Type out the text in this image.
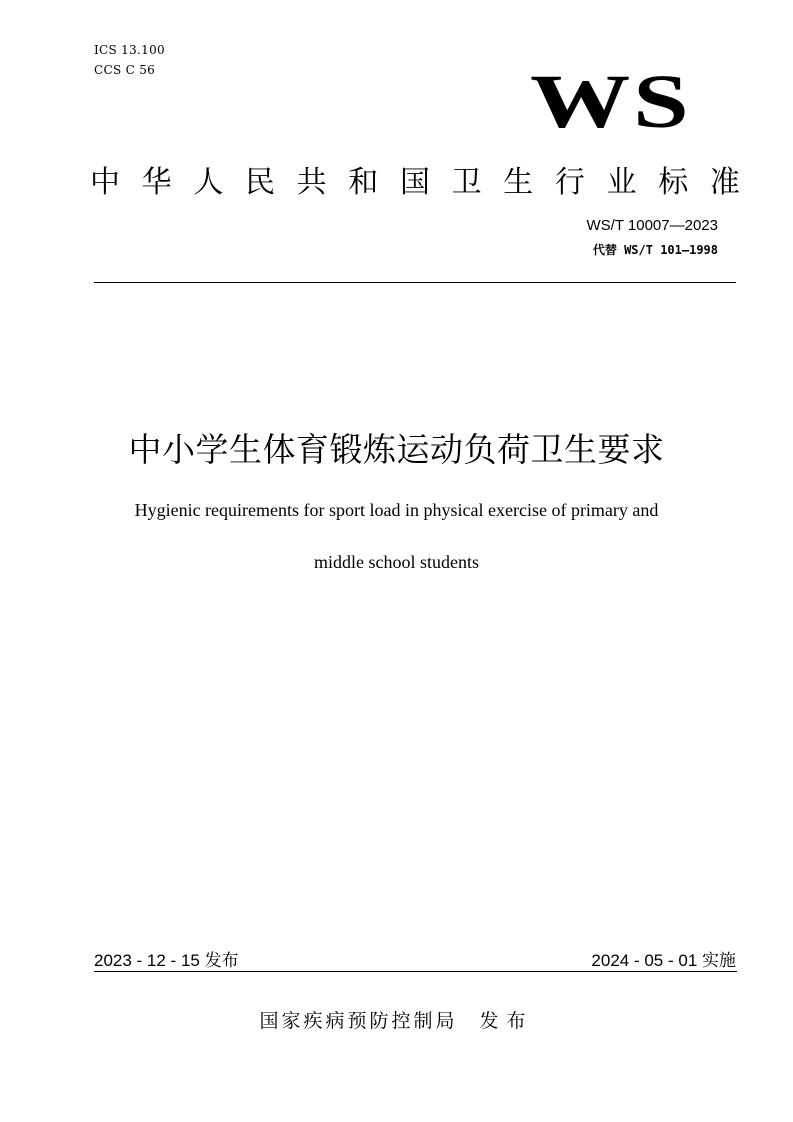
ICS 13.100
CCS C 56	WS
中 华 人 民 共 和 国 卫 生 行 业 标 准
WS/T 10007—2023
代替 WS/T 101—1998
中小学生体育锻炼运动负荷卫生要求
Hygienic requirements for sport load in physical exercise of primary and
middle school students
2023 - 12 - 15 发布	2024 - 05 - 01 实施
国家疾病预防控制局 发布
